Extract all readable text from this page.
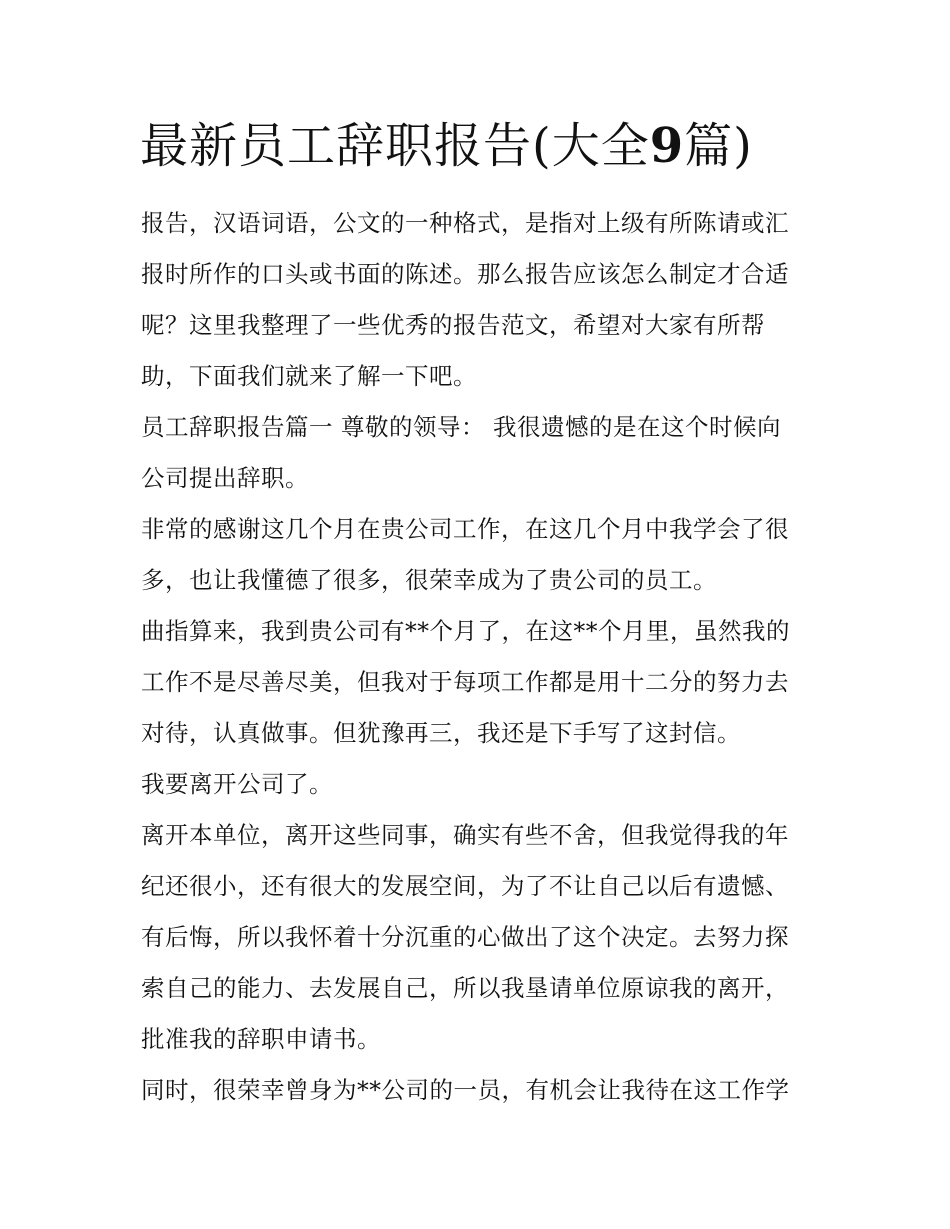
最新员工辞职报告(大全9篇)
报告，汉语词语，公文的一种格式，是指对上级有所陈请或汇
报时所作的口头或书面的陈述。那么报告应该怎么制定才合适
呢？这里我整理了一些优秀的报告范文，希望对大家有所帮
助，下面我们就来了解一下吧。
员工辞职报告篇一 尊敬的领导： 我很遗憾的是在这个时候向
公司提出辞职。
非常的感谢这几个月在贵公司工作，在这几个月中我学会了很
多，也让我懂德了很多，很荣幸成为了贵公司的员工。
曲指算来，我到贵公司有**个月了，在这**个月里，虽然我的
工作不是尽善尽美，但我对于每项工作都是用十二分的努力去
对待，认真做事。但犹豫再三，我还是下手写了这封信。
我要离开公司了。
离开本单位，离开这些同事，确实有些不舍，但我觉得我的年
纪还很小，还有很大的发展空间，为了不让自己以后有遗憾、
有后悔，所以我怀着十分沉重的心做出了这个决定。去努力探
索自己的能力、去发展自己，所以我垦请单位原谅我的离开，
批准我的辞职申请书。
同时，很荣幸曾身为**公司的一员，有机会让我待在这工作学
